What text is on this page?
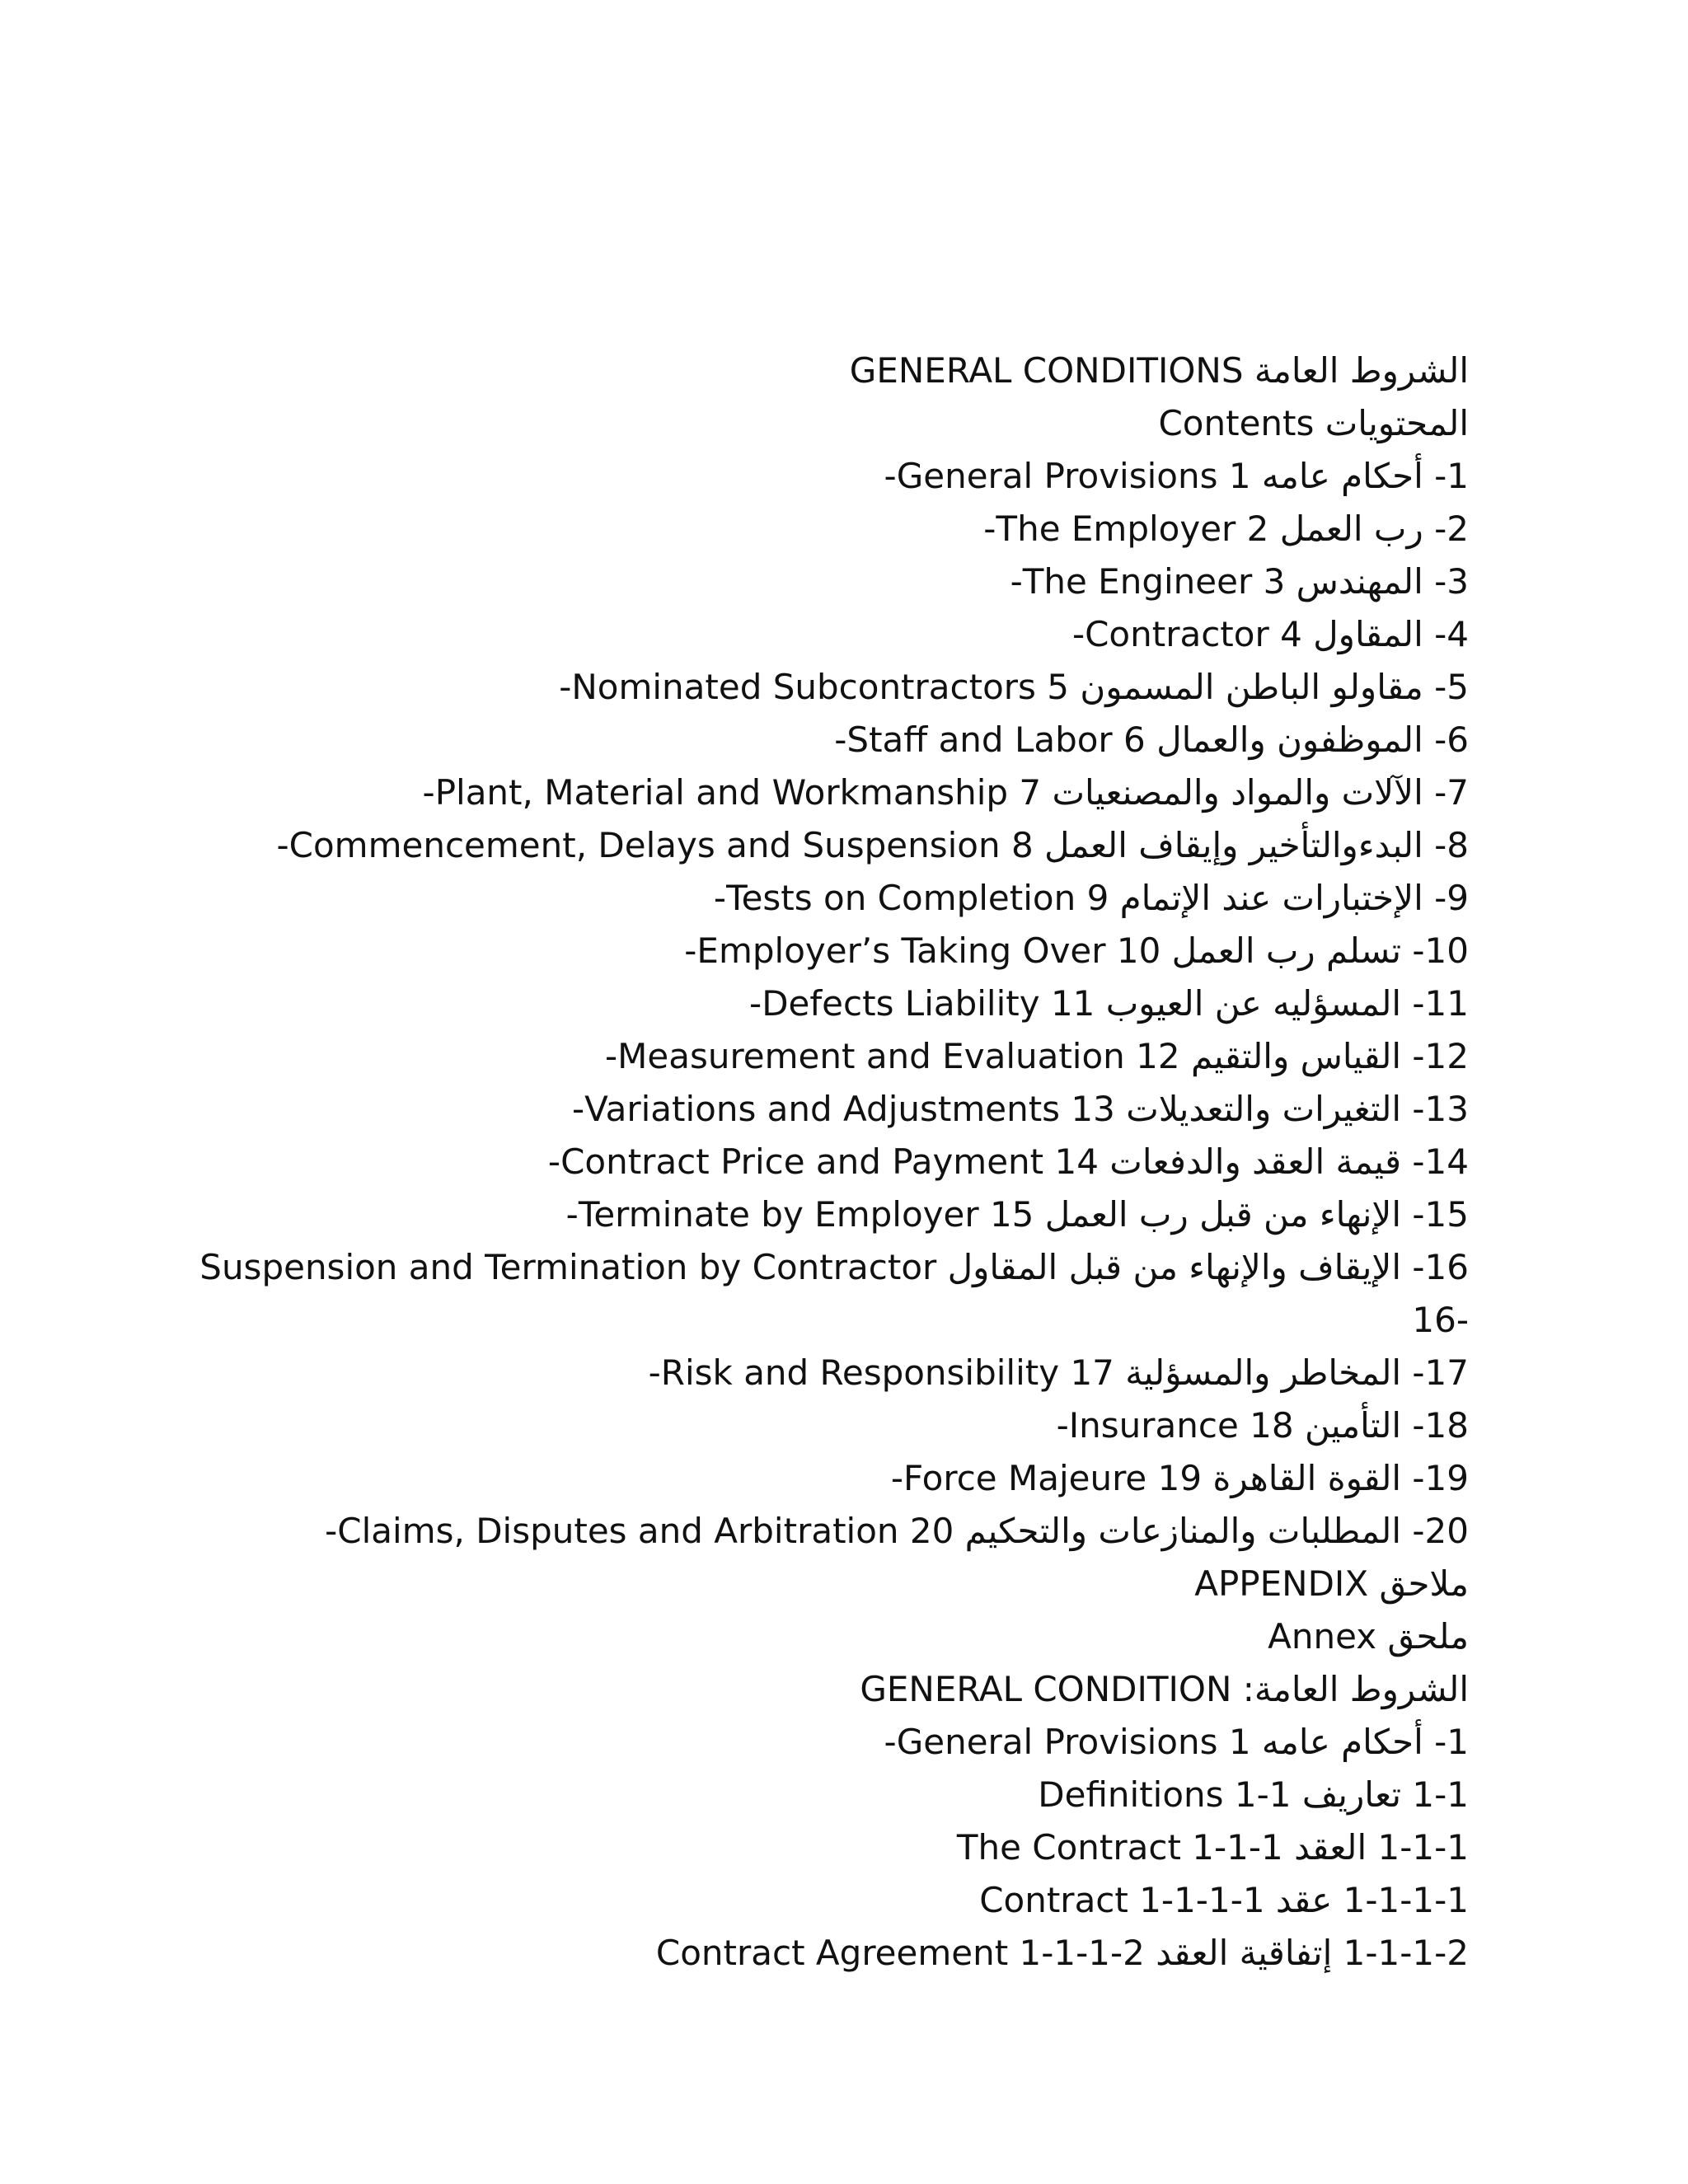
الشروط العامة GENERAL CONDITIONS
المحتويات Contents
1- أحكام عامه General Provisions 1-
2- رب العمل The Employer 2-
3- المهندس The Engineer 3-
4- المقاول Contractor 4-
5- مقاولو الباطن المسمون Nominated Subcontractors 5-
6- الموظفون والعمال Staff and Labor 6-
7- الآلات والمواد والمصنعيات Plant, Material and Workmanship 7-
8- البدءوالتأخير وإيقاف العمل Commencement, Delays and Suspension 8-
9- الإختبارات عند الإتمام Tests on Completion 9-
10- تسلم رب العمل Employer’s Taking Over 10-
11- المسؤليه عن العيوب Defects Liability 11-
12- القياس والتقيم Measurement and Evaluation 12-
13- التغيرات والتعديلات Variations and Adjustments 13-
14- قيمة العقد والدفعات Contract Price and Payment 14-
15- الإنهاء من قبل رب العمل Terminate by Employer 15-
16- الإيقاف والإنهاء من قبل المقاول Suspension and Termination by Contractor
16-
17- المخاطر والمسؤلية Risk and Responsibility 17-
18- التأمين Insurance 18-
19- القوة القاهرة Force Majeure 19-
20- المطلبات والمنازعات والتحكيم Claims, Disputes and Arbitration 20-
ملاحق APPENDIX
ملحق Annex
الشروط العامة: GENERAL CONDITION
1- أحكام عامه General Provisions 1-
1-1 تعاريف Definitions 1-1
1-1-1 العقد The Contract 1-1-1
1-1-1-1 عقد Contract 1-1-1-1
1-1-1-2 إتفاقية العقد Contract Agreement 1-1-1-2
